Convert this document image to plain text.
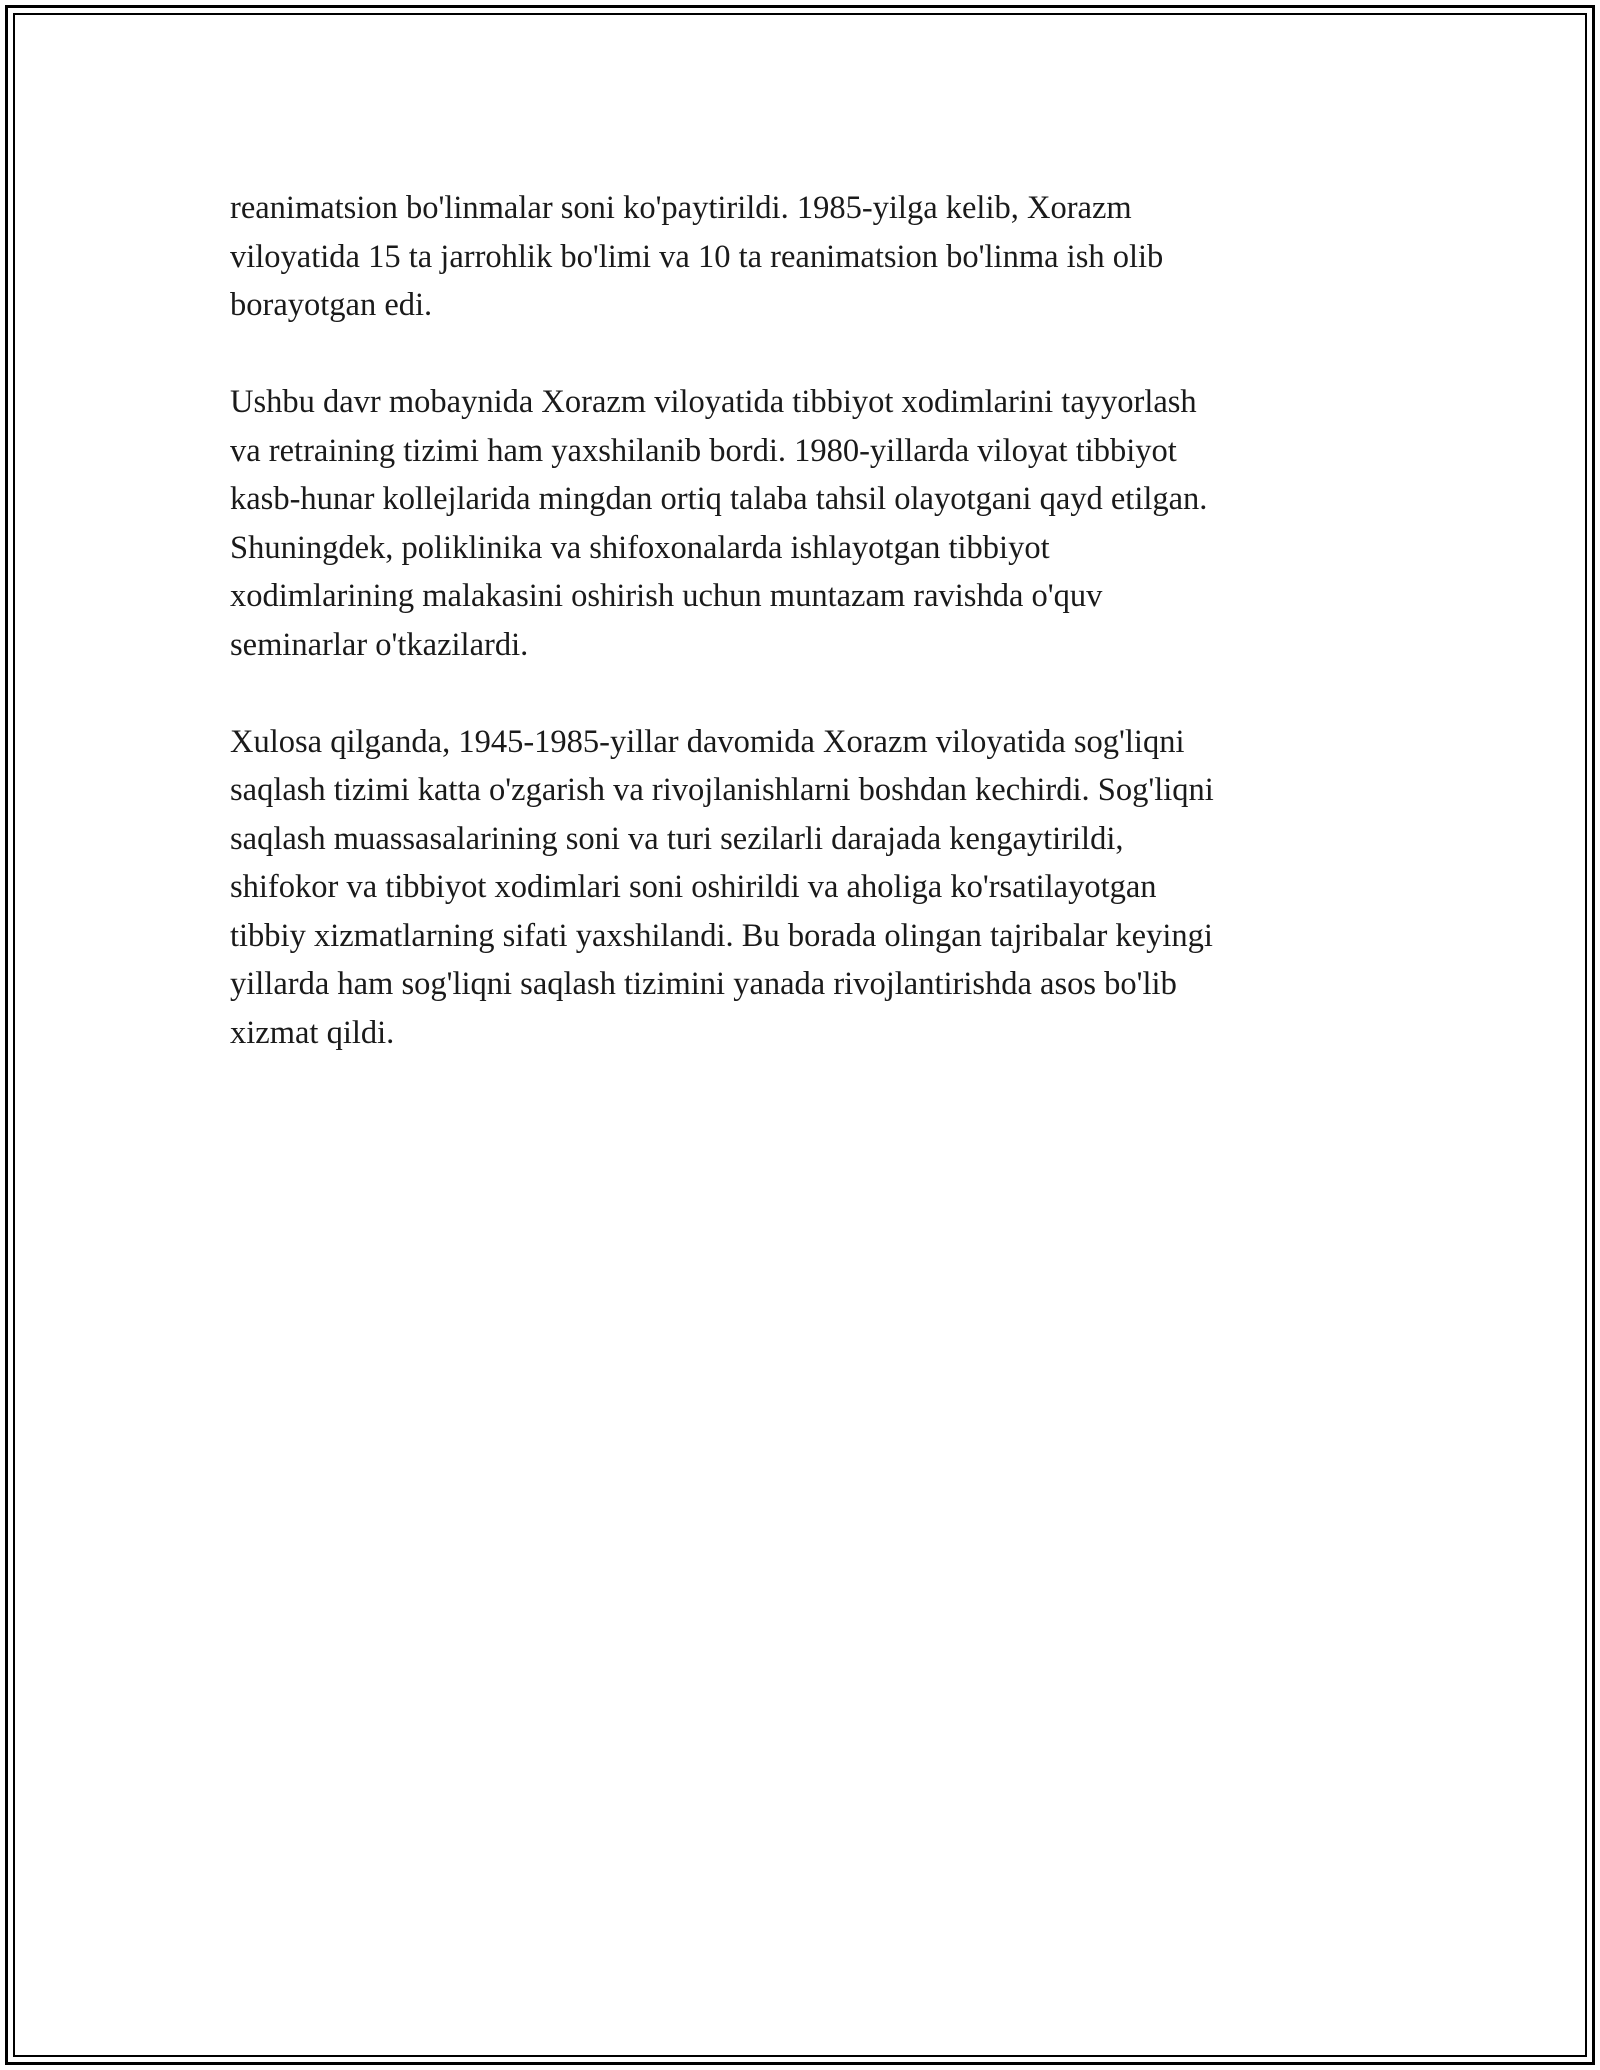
reanimatsion bo'linmalar soni ko'paytirildi. 1985-yilga kelib, Xorazm
viloyatida 15 ta jarrohlik bo'limi va 10 ta reanimatsion bo'linma ish olib
borayotgan edi.

Ushbu davr mobaynida Xorazm viloyatida tibbiyot xodimlarini tayyorlash
va retraining tizimi ham yaxshilanib bordi. 1980-yillarda viloyat tibbiyot
kasb-hunar kollejlarida mingdan ortiq talaba tahsil olayotgani qayd etilgan.
Shuningdek, poliklinika va shifoxonalarda ishlayotgan tibbiyot
xodimlarining malakasini oshirish uchun muntazam ravishda o'quv
seminarlar o'tkazilardi.

Xulosa qilganda, 1945-1985-yillar davomida Xorazm viloyatida sog'liqni
saqlash tizimi katta o'zgarish va rivojlanishlarni boshdan kechirdi. Sog'liqni
saqlash muassasalarining soni va turi sezilarli darajada kengaytirildi,
shifokor va tibbiyot xodimlari soni oshirildi va aholiga ko'rsatilayotgan
tibbiy xizmatlarning sifati yaxshilandi. Bu borada olingan tajribalar keyingi
yillarda ham sog'liqni saqlash tizimini yanada rivojlantirishda asos bo'lib
xizmat qildi.
